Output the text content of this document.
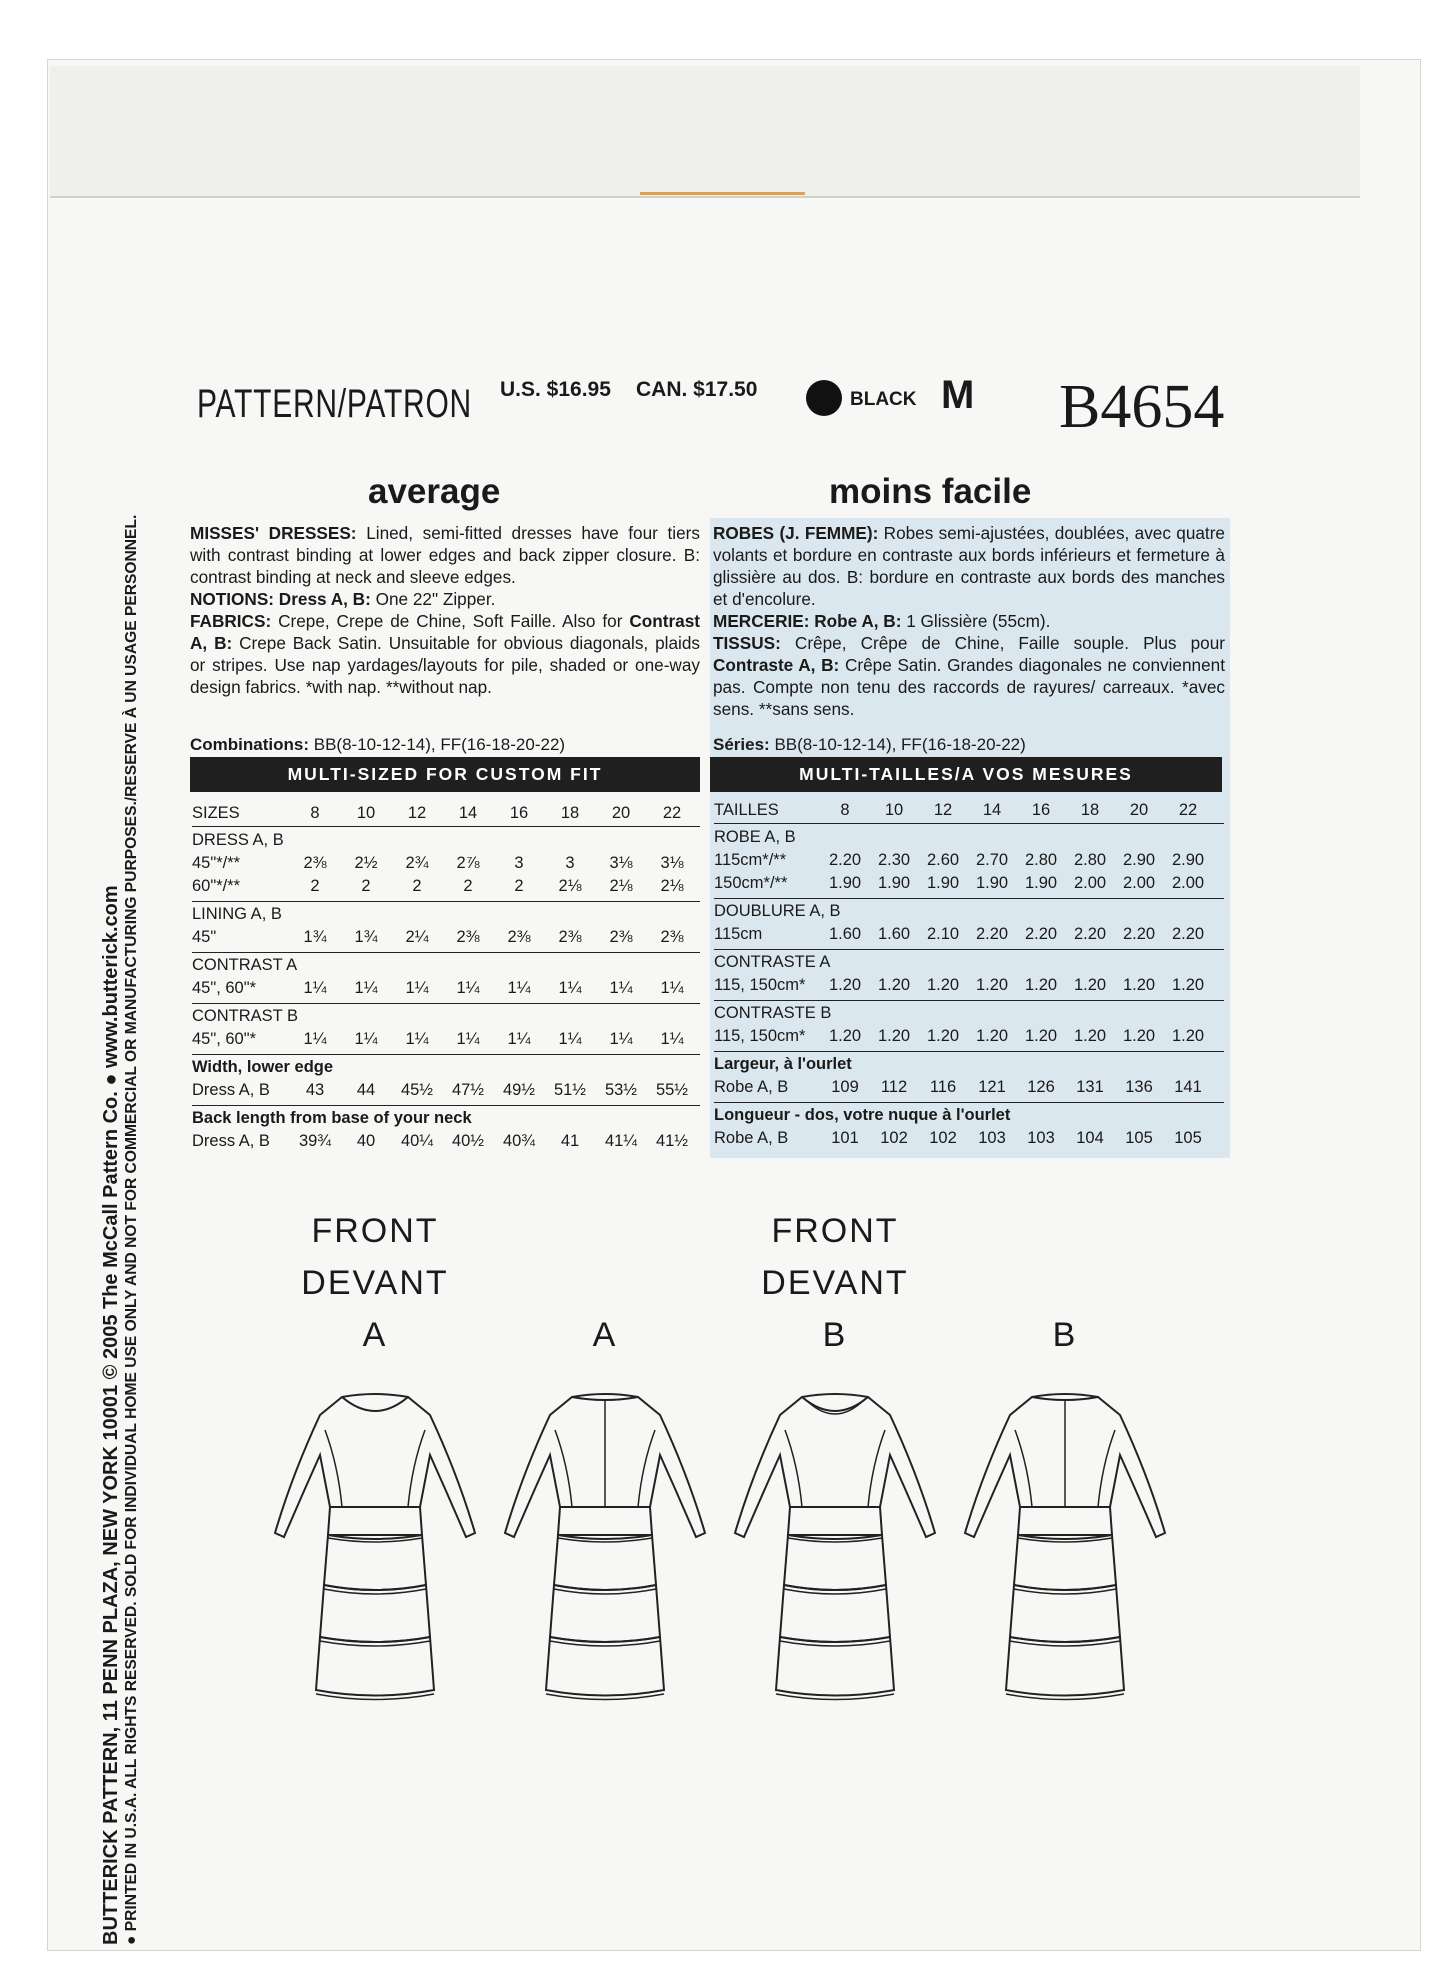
PATTERN/PATRON U.S. $16.95 CAN. $17.50	BLACK M B4654
average	moins facile
BUTTERICK PATTERN, 11 PENN PLAZA, NEW YORK 10001 © 2005 The McCall Pattern Co. ● www.butterick.com ● PRINTED IN U.S.A. ALL RIGHTS RESERVED. SOLD FOR INDIVIDUAL HOME USE ONLY AND NOT FOR COMMERCIAL OR MANUFACTURING PURPOSES./RESERVE À UN USAGE PERSONNEL.	MISSES' DRESSES: Lined, semi-fitted dresses have four tiers with contrast binding at lower edges and back zipper closure. B: contrast binding at neck and sleeve edges.
NOTIONS: Dress A, B: One 22" Zipper.
FABRICS: Crepe, Crepe de Chine, Soft Faille. Also for Contrast A, B: Crepe Back Satin. Unsuitable for obvious diagonals, plaids or stripes. Use nap yardages/layouts for pile, shaded or one-way design fabrics. *with nap. **without nap.
ROBES (J. FEMME): Robes semi-ajustées, doublées, avec quatre volants et bordure en contraste aux bords inférieurs et fermeture à glissière au dos. B: bordure en contraste aux bords des manches et d'encolure.
MERCERIE: Robe A, B: 1 Glissière (55cm).
TISSUS: Crêpe, Crêpe de Chine, Faille souple. Plus pour Contraste A, B: Crêpe Satin. Grandes diagonales ne conviennent pas. Compte non tenu des raccords de rayures/ carreaux. *avec sens. **sans sens.
Combinations: BB(8-10-12-14), FF(16-18-20-22)	Séries: BB(8-10-12-14), FF(16-18-20-22)
MULTI-SIZED FOR CUSTOM FIT	MULTI-TAILLES/A VOS MESURES
SIZES	8	10	12	14	16	18	20	22
DRESS A, B
45"*/**	2⅜	2½	2¾	2⅞	3	3	3⅛	3⅛
60"*/**	2	2	2	2	2	2⅛	2⅛	2⅛
LINING A, B
45"	1¾	1¾	2¼	2⅜	2⅜	2⅜	2⅜	2⅜
CONTRAST A
45", 60"*	1¼	1¼	1¼	1¼	1¼	1¼	1¼	1¼
CONTRAST B
45", 60"*	1¼	1¼	1¼	1¼	1¼	1¼	1¼	1¼
Width, lower edge
Dress A, B	43	44	45½	47½	49½	51½	53½	55½
Back length from base of your neck
Dress A, B	39¾	40	40¼	40½	40¾	41	41¼	41½
TAILLES	8	10	12	14	16	18	20	22
ROBE A, B
115cm*/**	2.20	2.30	2.60	2.70	2.80	2.80	2.90	2.90
150cm*/**	1.90	1.90	1.90	1.90	1.90	2.00	2.00	2.00
DOUBLURE A, B
115cm	1.60	1.60	2.10	2.20	2.20	2.20	2.20	2.20
CONTRASTE A
115, 150cm*	1.20	1.20	1.20	1.20	1.20	1.20	1.20	1.20
CONTRASTE B
115, 150cm*	1.20	1.20	1.20	1.20	1.20	1.20	1.20	1.20
Largeur, à l'ourlet
Robe A, B	109	112	116	121	126	131	136	141
Longueur - dos, votre nuque à l'ourlet
Robe A, B	101	102	102	103	103	104	105	105
FRONT
DEVANT
A

	A
FRONT
DEVANT
B

	B
